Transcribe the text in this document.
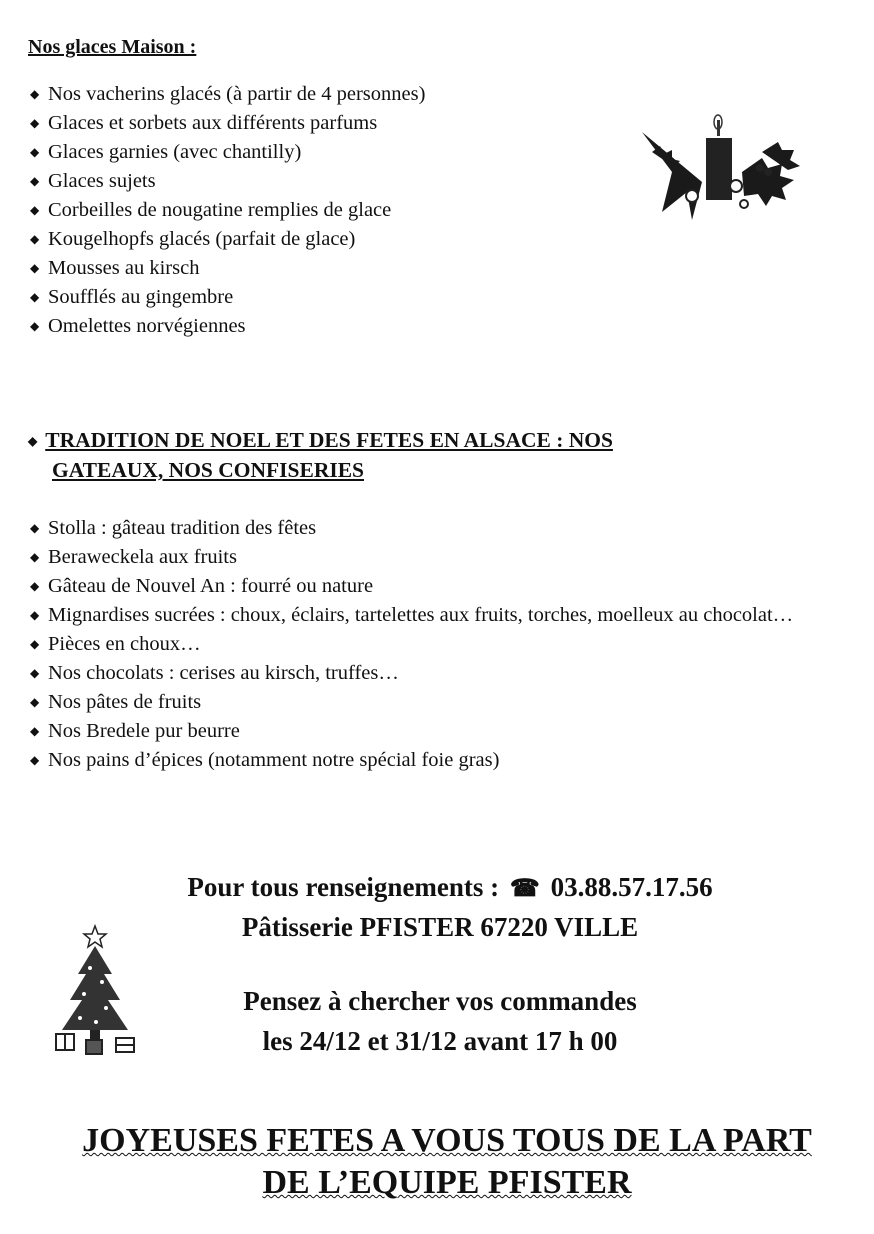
Nos glaces Maison :
◆ Nos vacherins glacés (à partir de 4 personnes)
◆ Glaces et sorbets aux différents parfums
◆ Glaces garnies (avec chantilly)
◆ Glaces sujets
◆ Corbeilles de nougatine remplies de glace
◆ Kougelhopfs glacés (parfait de glace)
◆ Mousses au kirsch
◆ Soufflés au gingembre
◆ Omelettes norvégiennes
◆ TRADITION DE NOEL ET DES FETES EN ALSACE : NOS
GATEAUX, NOS CONFISERIES
◆ Stolla : gâteau tradition des fêtes
◆ Beraweckela aux fruits
◆ Gâteau de Nouvel An : fourré ou nature
◆ Mignardises sucrées : choux, éclairs, tartelettes aux fruits, torches, moelleux au chocolat…
◆ Pièces en choux…
◆ Nos chocolats : cerises au kirsch, truffes…
◆ Nos pâtes de fruits
◆ Nos Bredele pur beurre
◆ Nos pains d’épices (notamment notre spécial foie gras)
Pour tous renseignements : ☎ 03.88.57.17.56
Pâtisserie PFISTER 67220 VILLE
Pensez à chercher vos commandes
les 24/12 et 31/12 avant 17 h 00
JOYEUSES FETES A VOUS TOUS DE LA PART
DE L’EQUIPE PFISTER
